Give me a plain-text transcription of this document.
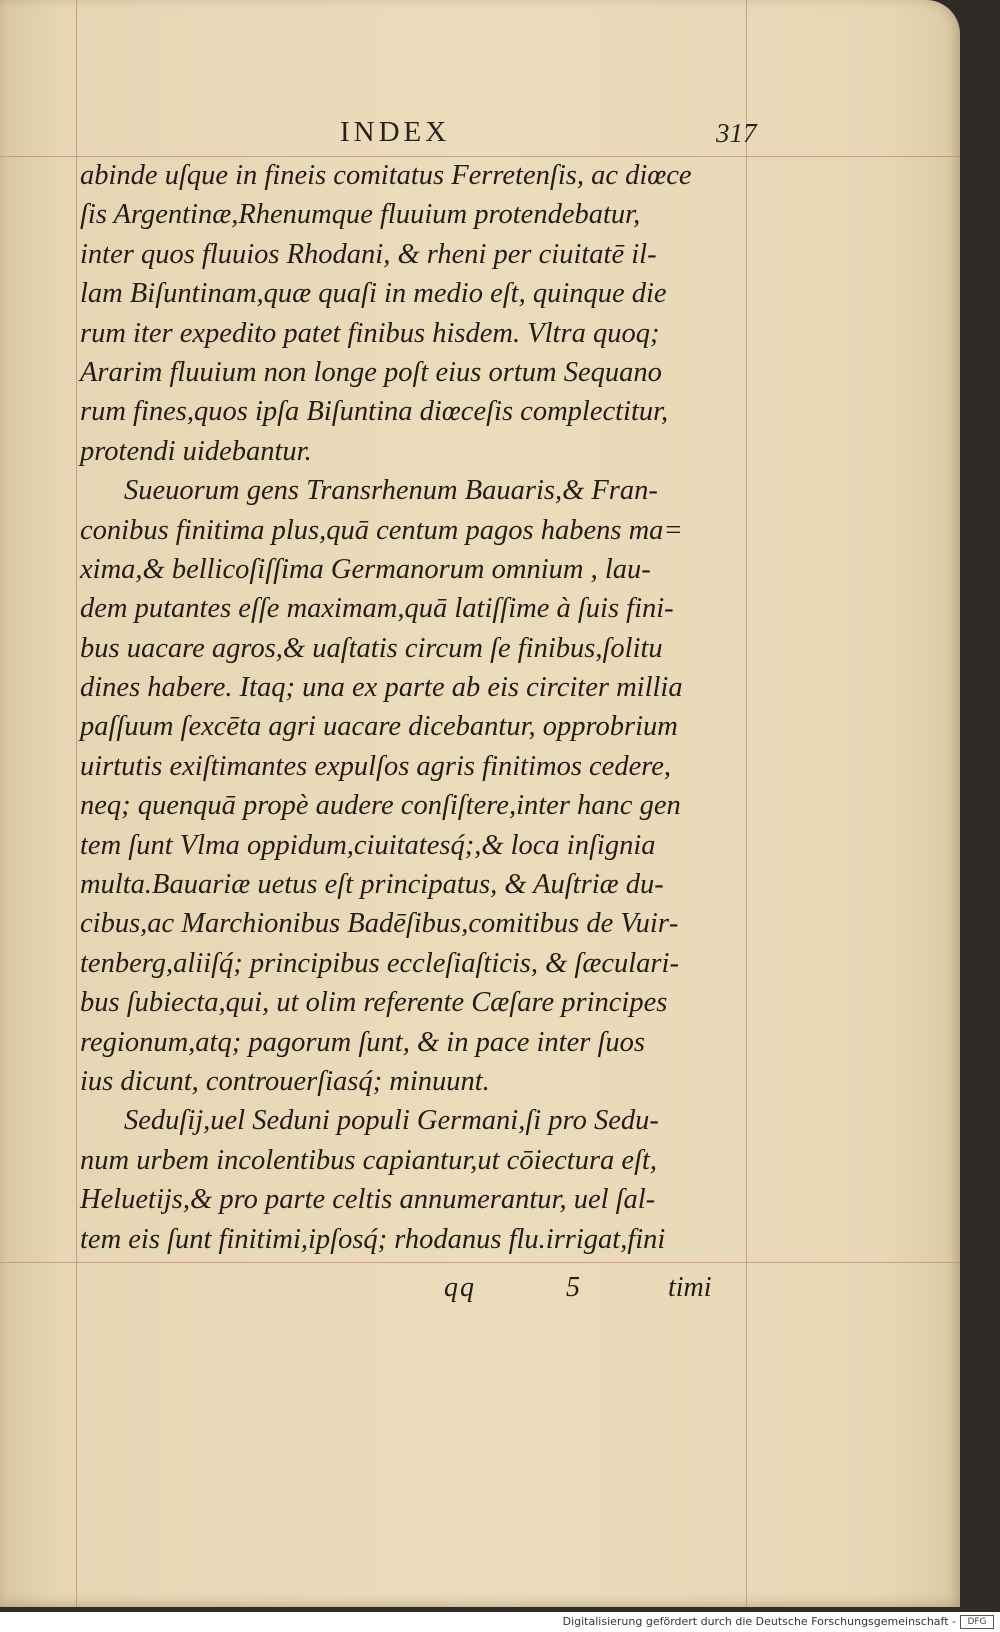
INDEX	317
abinde uſque in fineis comitatus Ferretenſis, ac diœce
ſis Argentinæ,Rhenumque fluuium protendebatur,
inter quos fluuios Rhodani, & rheni per ciuitatē il‑
lam Biſuntinam,quæ quaſi in medio eſt, quinque die
rum iter expedito patet finibus hisdem. Vltra quoq;
Ararim fluuium non longe poſt eius ortum Sequano
rum fines,quos ipſa Biſuntina diœceſis complectitur,
protendi uidebantur.
Sueuorum gens Transrhenum Bauaris,& Fran‑
conibus finitima plus,quā centum pagos habens ma=
xima,& bellicoſiſſima Germanorum omnium , lau‑
dem putantes eſſe maximam,quā latiſſime à ſuis fini‑
bus uacare agros,& uaſtatis circum ſe finibus,ſolitu
dines habere. Itaq; una ex parte ab eis circiter millia
paſſuum ſexcēta agri uacare dicebantur, opprobrium
uirtutis exiſtimantes expulſos agris finitimos cedere,
neq; quenquā propè audere conſiſtere,inter hanc gen
tem ſunt Vlma oppidum,ciuitatesq́;,& loca inſignia
multa.Bauariæ uetus eſt principatus, & Auſtriæ du‑
cibus,ac Marchionibus Badēſibus,comitibus de Vuir‑
tenberg,aliiſq́; principibus eccleſiaſticis, & ſæculari‑
bus ſubiecta,qui, ut olim referente Cæſare principes
regionum,atq; pagorum ſunt, & in pace inter ſuos
ius dicunt, controuerſiasq́; minuunt.
Seduſij,uel Seduni populi Germani,ſi pro Sedu‑
num urbem incolentibus capiantur,ut cōiectura eſt,
Heluetijs,& pro parte celtis annumerantur, uel ſal‑
tem eis ſunt finitimi,ipſosq́; rhodanus flu.irrigat,fini
qq	5	timi
Digitalisierung gefördert durch die Deutsche Forschungsgemeinschaft -	DFG
